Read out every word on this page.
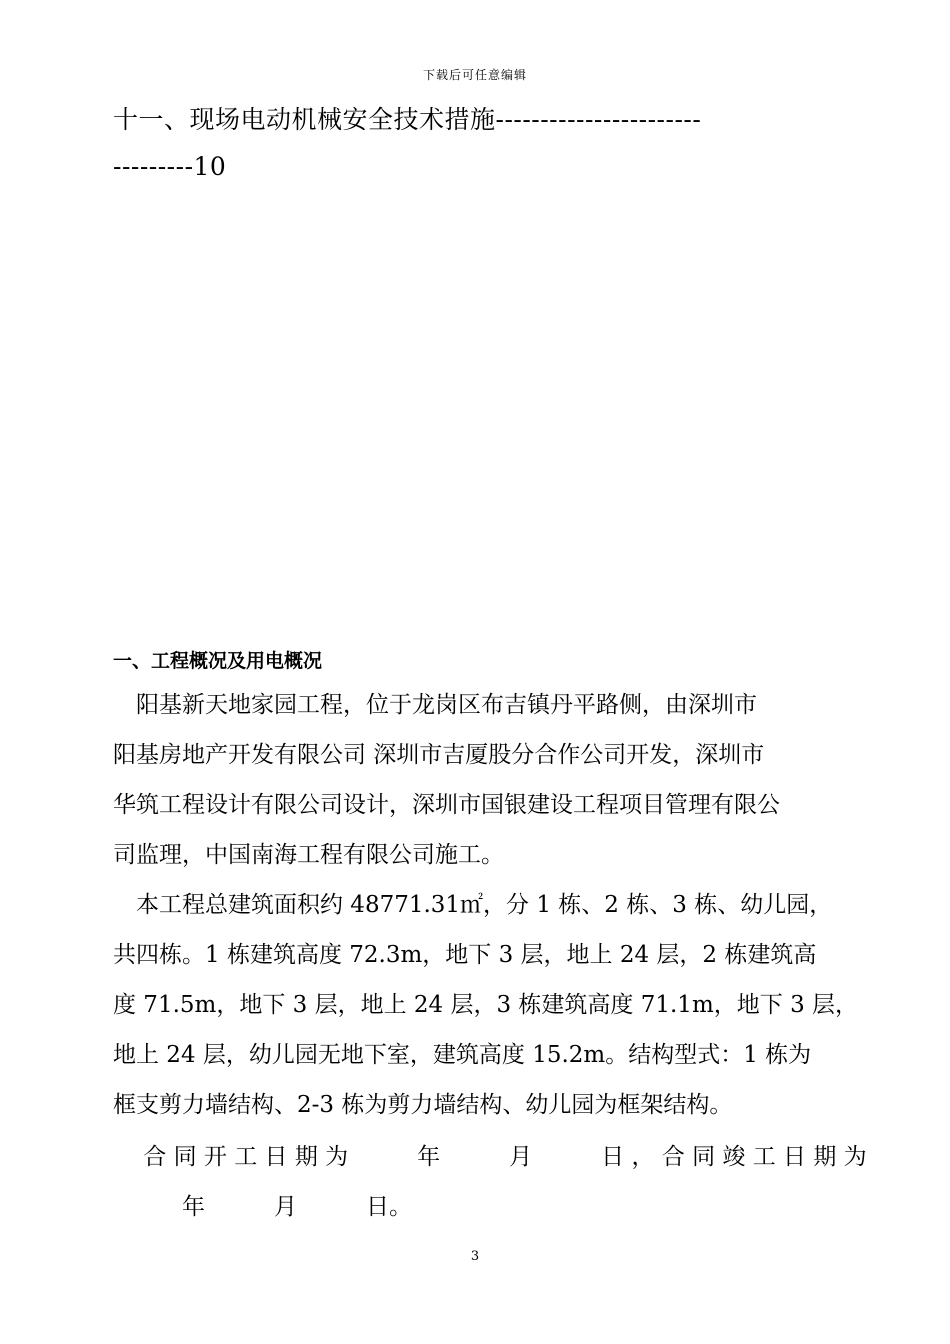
下载后可任意编辑
十一、现场电动机械安全技术措施-----------------------
---------10
一、工程概况及用电概况
　阳基新天地家园工程，位于龙岗区布吉镇丹平路侧，由深圳市
阳基房地产开发有限公司 深圳市吉厦股分合作公司开发，深圳市
华筑工程设计有限公司设计，深圳市国银建设工程项目管理有限公
司监理，中国南海工程有限公司施工。
　本工程总建筑面积约 48771.31㎡，分 1 栋、2 栋、3 栋、幼儿园，
共四栋。1 栋建筑高度 72.3m，地下 3 层，地上 24 层，2 栋建筑高
度 71.5m，地下 3 层，地上 24 层，3 栋建筑高度 71.1m，地下 3 层，
地上 24 层，幼儿园无地下室，建筑高度 15.2m。结构型式：1 栋为
框支剪力墙结构、2-3 栋为剪力墙结构、幼儿园为框架结构。
　 合 同 开 工 日 期 为　　　年　　　月　　　日 ， 合 同 竣 工 日 期 为
　　　年　　　月　　　日。
3
